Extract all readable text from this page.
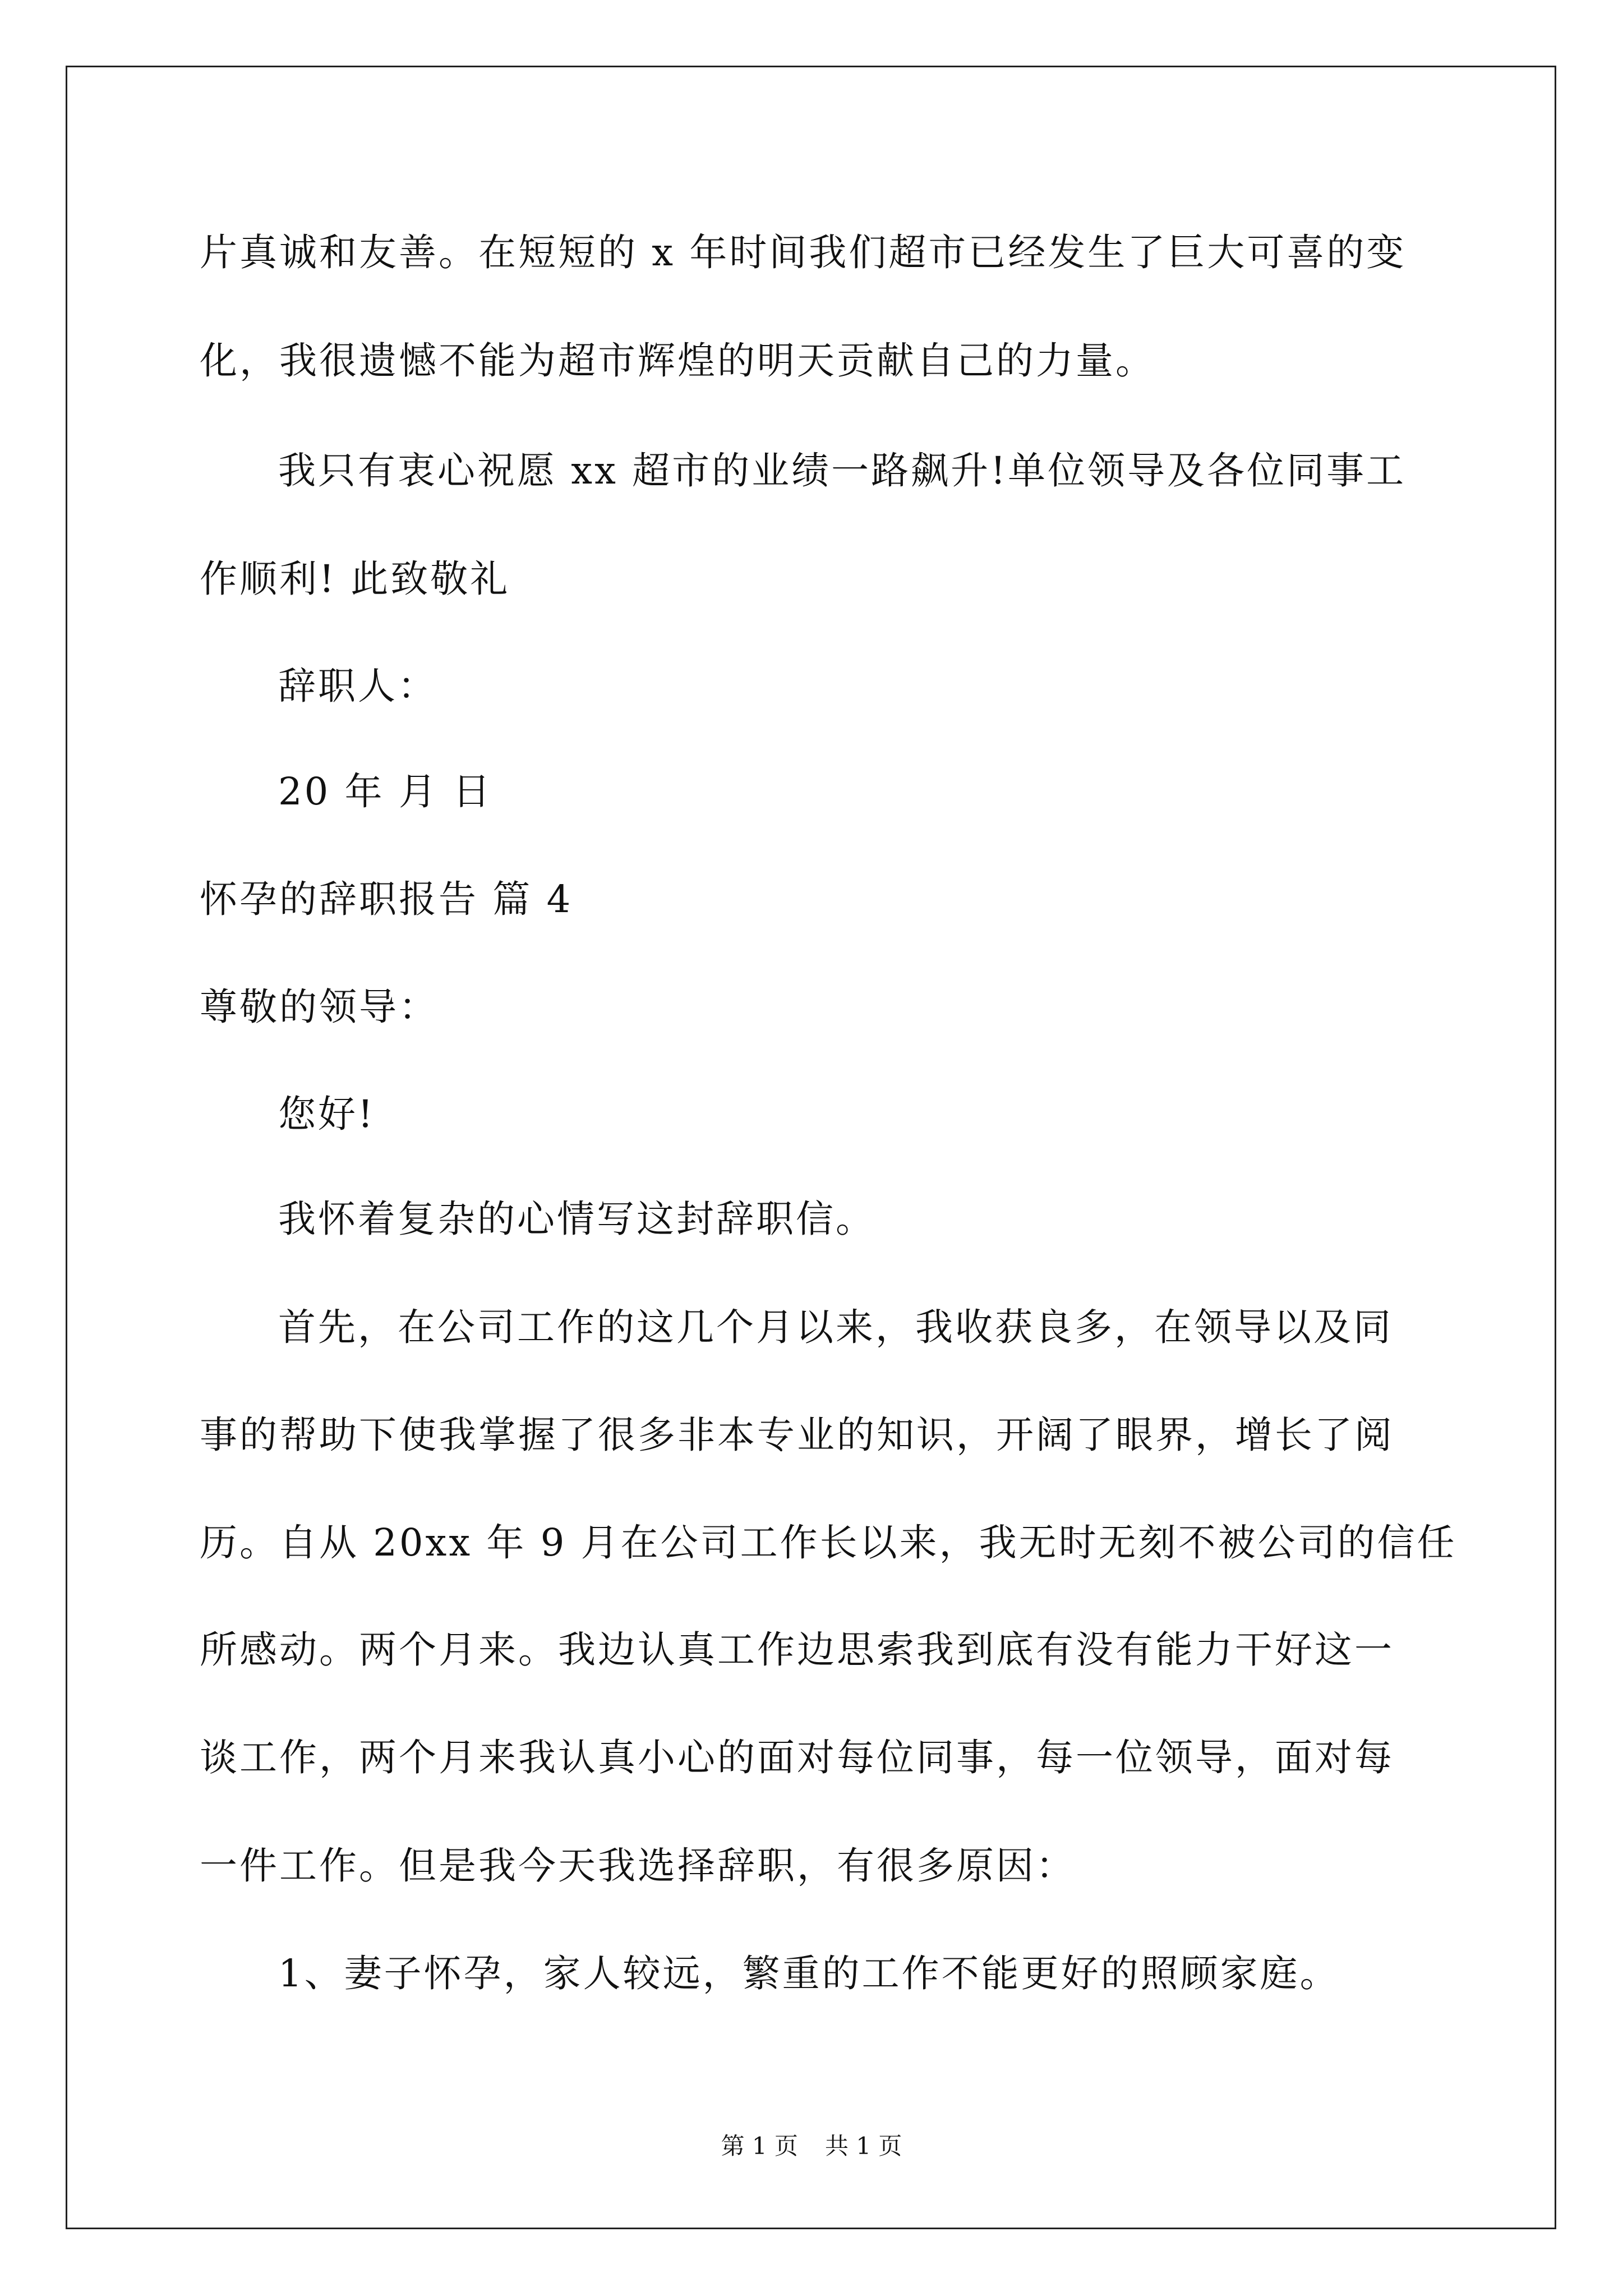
片真诚和友善。在短短的 x 年时间我们超市已经发生了巨大可喜的变
化，我很遗憾不能为超市辉煌的明天贡献自己的力量。
我只有衷心祝愿 xx 超市的业绩一路飙升!单位领导及各位同事工
作顺利! 此致敬礼
辞职人：
20 年 月 日
怀孕的辞职报告 篇 4
尊敬的领导：
您好!
我怀着复杂的心情写这封辞职信。
首先，在公司工作的这几个月以来，我收获良多，在领导以及同
事的帮助下使我掌握了很多非本专业的知识，开阔了眼界，增长了阅
历。自从 20xx 年 9 月在公司工作长以来，我无时无刻不被公司的信任
所感动。两个月来。我边认真工作边思索我到底有没有能力干好这一
谈工作，两个月来我认真小心的面对每位同事，每一位领导，面对每
一件工作。但是我今天我选择辞职，有很多原因：
1、妻子怀孕，家人较远，繁重的工作不能更好的照顾家庭。
第 1 页 共 1 页
